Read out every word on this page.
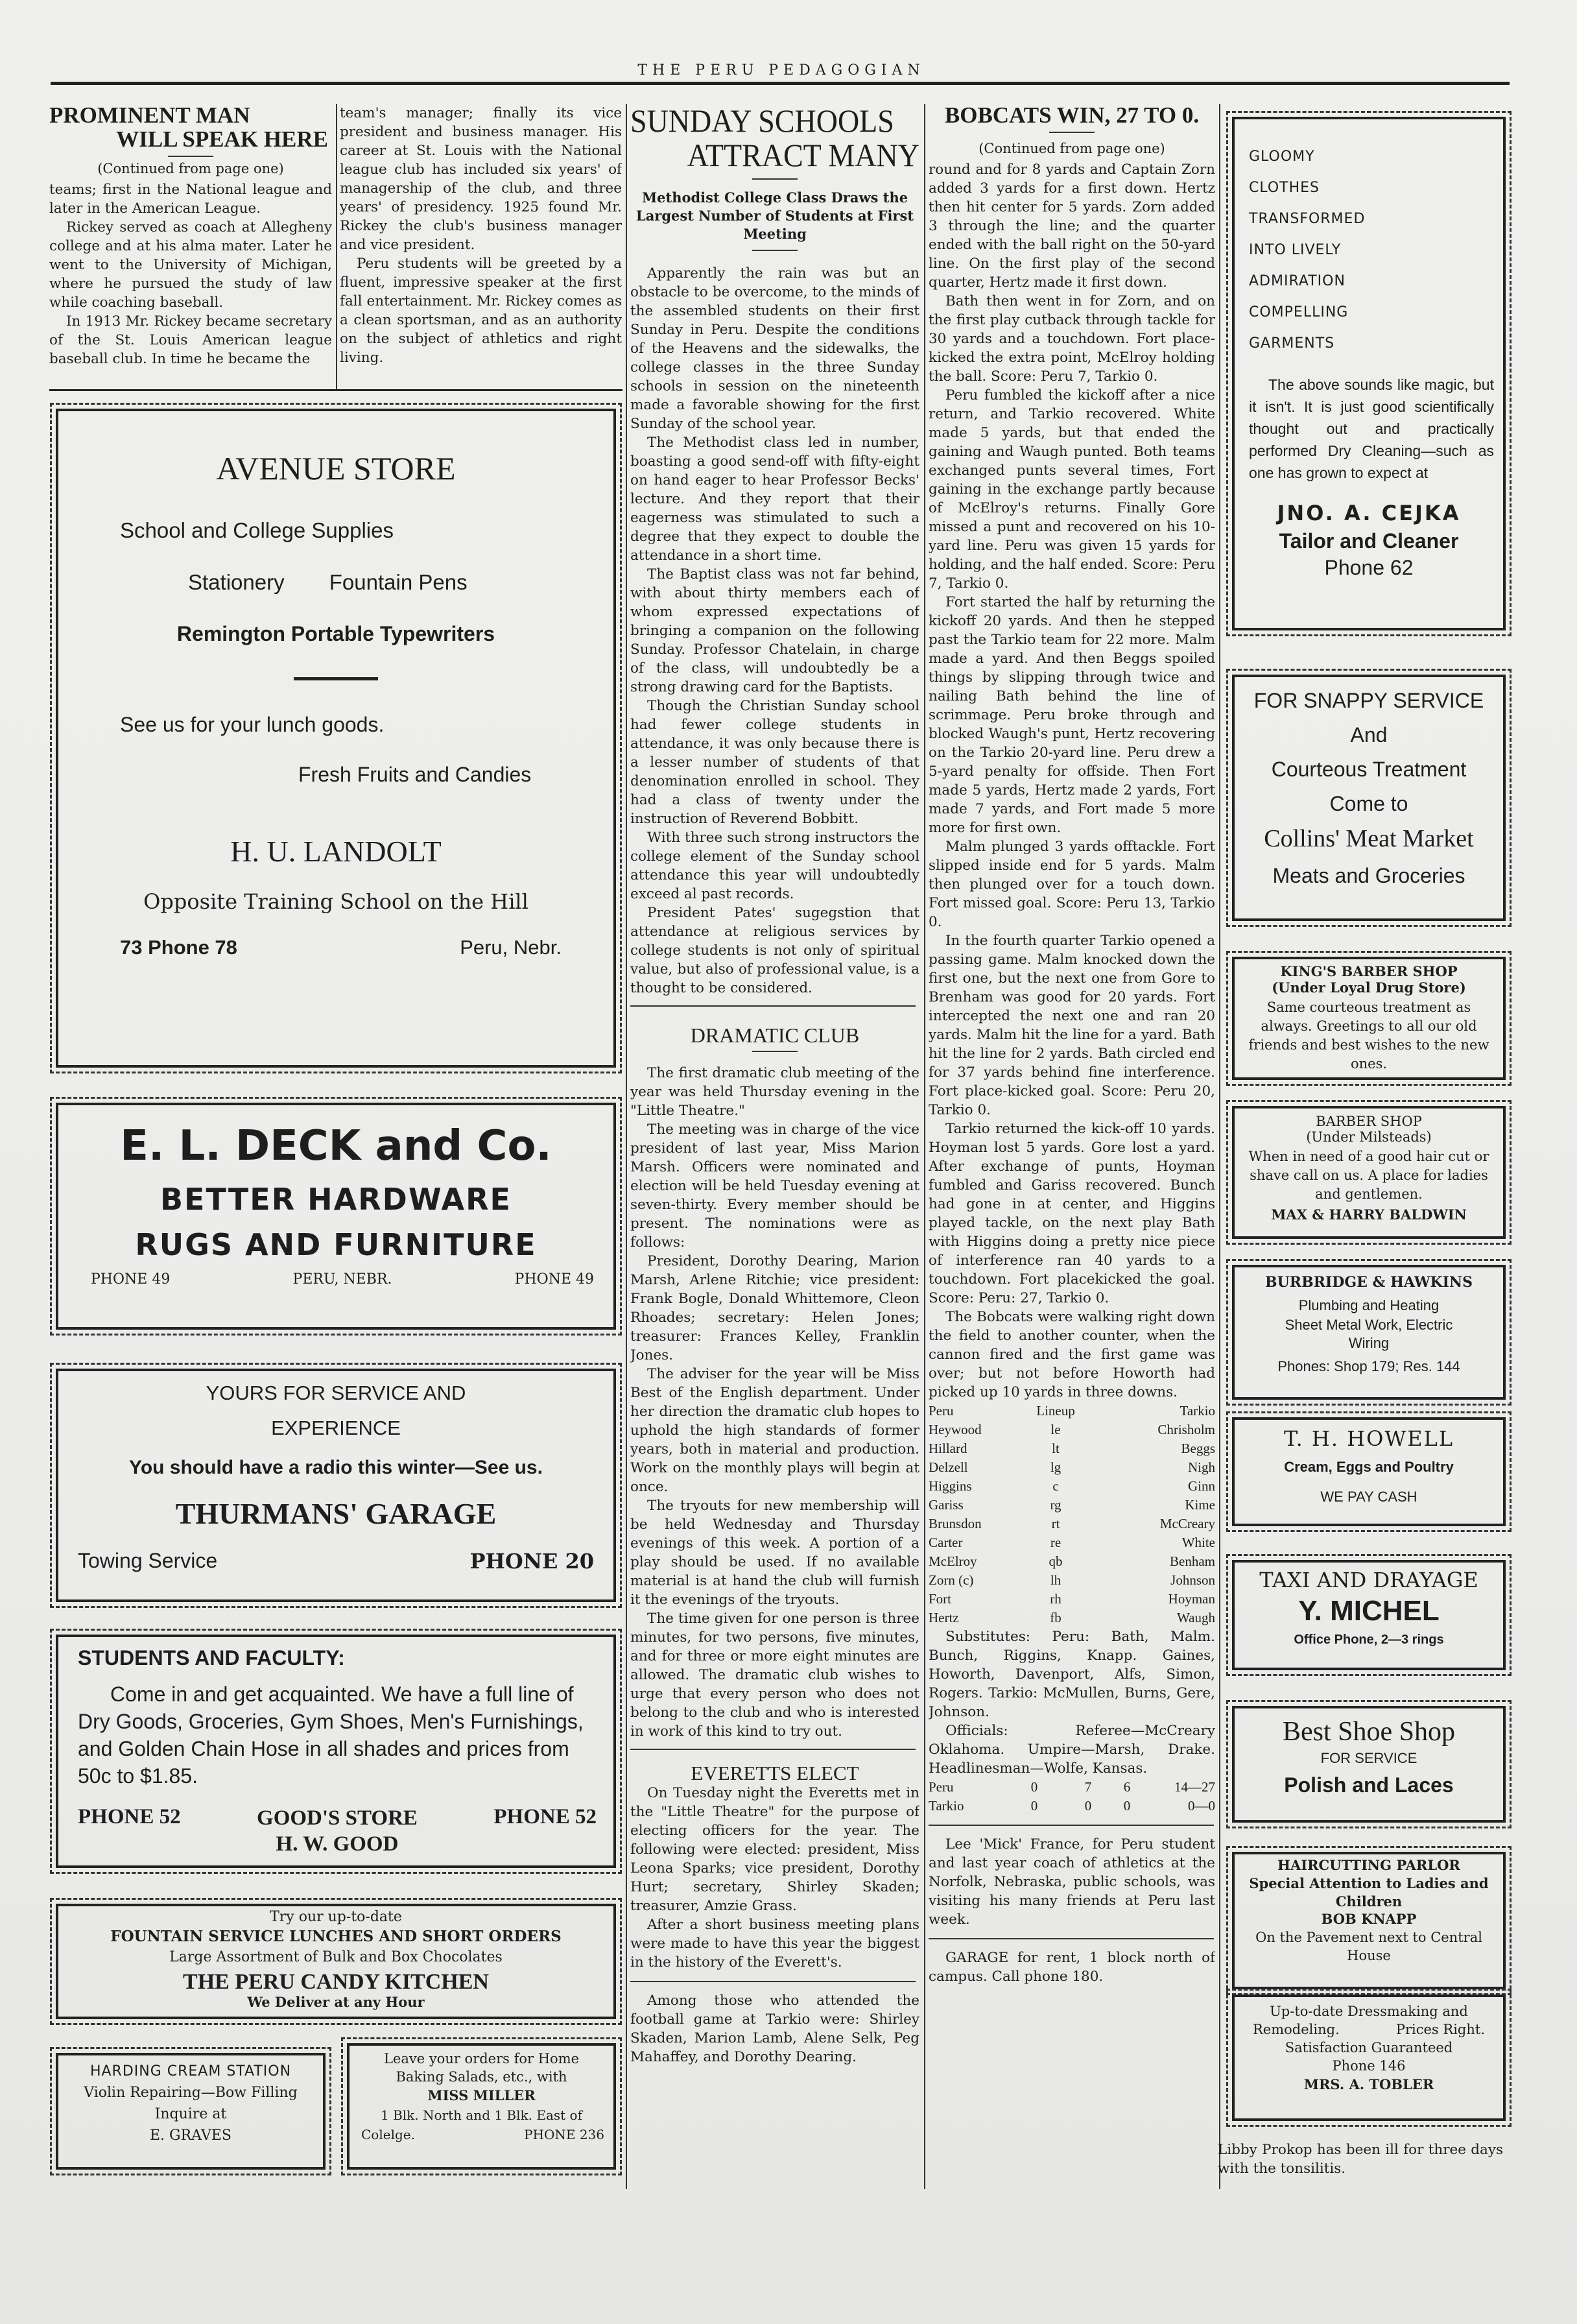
THE PERU PEDAGOGIAN
PROMINENT MAN
WILL SPEAK HERE
(Continued from page one)

teams; first in the National league and later in the American League.

Rickey served as coach at Allegheny college and at his alma mater. Later he went to the University of Michigan, where he pursued the study of law while coaching baseball.

In 1913 Mr. Rickey became secretary of the St. Louis American league baseball club. In time he became the

team's manager; finally its vice president and business manager. His career at St. Louis with the National league club has included six years' of managership of the club, and three years' of presidency. 1925 found Mr. Rickey the club's business manager and vice president.

Peru students will be greeted by a fluent, impressive speaker at the first fall entertainment. Mr. Rickey comes as a clean sportsman, and as an authority on the subject of athletics and right living.

AVENUE STORE
School and College Supplies
Stationery Fountain Pens
Remington Portable Typewriters
See us for your lunch goods.
Fresh Fruits and Candies
H. U. LANDOLT
Opposite Training School on the Hill
73 Phone 78	Peru, Nebr.
E. L. DECK and Co.
BETTER HARDWARE
RUGS AND FURNITURE
PHONE 49	PERU, NEBR.	PHONE 49
YOURS FOR SERVICE AND
EXPERIENCE
You should have a radio this winter—See us.
THURMANS' GARAGE
Towing Service	PHONE 20
STUDENTS AND FACULTY:
Come in and get acquainted. We have a full line of Dry Goods, Groceries, Gym Shoes, Men's Furnishings, and Golden Chain Hose in all shades and prices from 50c to $1.85.
PHONE 52	GOOD'S STORE
H. W. GOOD
PHONE 52
Try our up-to-date
FOUNTAIN SERVICE LUNCHES AND SHORT ORDERS
Large Assortment of Bulk and Box Chocolates
THE PERU CANDY KITCHEN
We Deliver at any Hour
HARDING CREAM STATION
Violin Repairing—Bow Filling
Inquire at
E. GRAVES
Leave your orders for Home
Baking Salads, etc., with
MISS MILLER
1 Blk. North and 1 Blk. East of
Colelge.	PHONE 236
SUNDAY SCHOOLS
ATTRACT MANY
Methodist College Class Draws the Largest Number of Students at First Meeting

Apparently the rain was but an obstacle to be overcome, to the minds of the assembled students on their first Sunday in Peru. Despite the conditions of the Heavens and the sidewalks, the college classes in the three Sunday schools in session on the nineteenth made a favorable showing for the first Sunday of the school year.

The Methodist class led in number, boasting a good send-off with fifty-eight on hand eager to hear Professor Becks' lecture. And they report that their eagerness was stimulated to such a degree that they expect to double the attendance in a short time.

The Baptist class was not far behind, with about thirty members each of whom expressed expectations of bringing a companion on the following Sunday. Professor Chatelain, in charge of the class, will undoubtedly be a strong drawing card for the Baptists.

Though the Christian Sunday school had fewer college students in attendance, it was only because there is a lesser number of students of that denomination enrolled in school. They had a class of twenty under the instruction of Reverend Bobbitt.

With three such strong instructors the college element of the Sunday school attendance this year will undoubtedly exceed al past records.

President Pates' sugegstion that attendance at religious services by college students is not only of spiritual value, but also of professional value, is a thought to be considered.

DRAMATIC CLUB

The first dramatic club meeting of the year was held Thursday evening in the "Little Theatre."

The meeting was in charge of the vice president of last year, Miss Marion Marsh. Officers were nominated and election will be held Tuesday evening at seven-thirty. Every member should be present. The nominations were as follows:

President, Dorothy Dearing, Marion Marsh, Arlene Ritchie; vice president: Frank Bogle, Donald Whittemore, Cleon Rhoades; secretary: Helen Jones; treasurer: Frances Kelley, Franklin Jones.

The adviser for the year will be Miss Best of the English department. Under her direction the dramatic club hopes to uphold the high standards of former years, both in material and production. Work on the monthly plays will begin at once.

The tryouts for new membership will be held Wednesday and Thursday evenings of this week. A portion of a play should be used. If no available material is at hand the club will furnish it the evenings of the tryouts.

The time given for one person is three minutes, for two persons, five minutes, and for three or more eight minutes are allowed. The dramatic club wishes to urge that every person who does not belong to the club and who is interested in work of this kind to try out.

EVERETTS ELECT

On Tuesday night the Everetts met in the "Little Theatre" for the purpose of electing officers for the year. The following were elected: president, Miss Leona Sparks; vice president, Dorothy Hurt; secretary, Shirley Skaden; treasurer, Amzie Grass.

After a short business meeting plans were made to have this year the biggest in the history of the Everett's.

Among those who attended the football game at Tarkio were: Shirley Skaden, Marion Lamb, Alene Selk, Peg Mahaffey, and Dorothy Dearing.

BOBCATS WIN, 27 TO 0.
(Continued from page one)

round and for 8 yards and Captain Zorn added 3 yards for a first down. Hertz then hit center for 5 yards. Zorn added 3 through the line; and the quarter ended with the ball right on the 50-yard line. On the first play of the second quarter, Hertz made it first down.

Bath then went in for Zorn, and on the first play cutback through tackle for 30 yards and a touchdown. Fort place-kicked the extra point, McElroy holding the ball. Score: Peru 7, Tarkio 0.

Peru fumbled the kickoff after a nice return, and Tarkio recovered. White made 5 yards, but that ended the gaining and Waugh punted. Both teams exchanged punts several times, Fort gaining in the exchange partly because of McElroy's returns. Finally Gore missed a punt and recovered on his 10-yard line. Peru was given 15 yards for holding, and the half ended. Score: Peru 7, Tarkio 0.

Fort started the half by returning the kickoff 20 yards. And then he stepped past the Tarkio team for 22 more. Malm made a yard. And then Beggs spoiled things by slipping through twice and nailing Bath behind the line of scrimmage. Peru broke through and blocked Waugh's punt, Hertz recovering on the Tarkio 20-yard line. Peru drew a 5-yard penalty for offside. Then Fort made 5 yards, Hertz made 2 yards, Fort made 7 yards, and Fort made 5 more more for first own.

Malm plunged 3 yards offtackle. Fort slipped inside end for 5 yards. Malm then plunged over for a touch down. Fort missed goal. Score: Peru 13, Tarkio 0.

In the fourth quarter Tarkio opened a passing game. Malm knocked down the first one, but the next one from Gore to Brenham was good for 20 yards. Fort intercepted the next one and ran 20 yards. Malm hit the line for a yard. Bath hit the line for 2 yards. Bath circled end for 37 yards behind fine interference. Fort place-kicked goal. Score: Peru 20, Tarkio 0.

Tarkio returned the kick-off 10 yards. Hoyman lost 5 yards. Gore lost a yard. After exchange of punts, Hoyman fumbled and Gariss recovered. Bunch had gone in at center, and Higgins played tackle, on the next play Bath with Higgins doing a pretty nice piece of interference ran 40 yards to a touchdown. Fort placekicked the goal. Score: Peru: 27, Tarkio 0.

The Bobcats were walking right down the field to another counter, when the cannon fired and the first game was over; but not before Howorth had picked up 10 yards in three downs.

Peru	Lineup	Tarkio
Heywood	le	Chrisholm
Hillard	lt	Beggs
Delzell	lg	Nigh
Higgins	c	Ginn
Gariss	rg	Kime
Brunsdon	rt	McCreary
Carter	re	White
McElroy	qb	Benham
Zorn (c)	lh	Johnson
Fort	rh	Hoyman
Hertz	fb	Waugh

Substitutes: Peru: Bath, Malm. Bunch, Riggins, Knapp. Gaines, Howorth, Davenport, Alfs, Simon, Rogers. Tarkio: McMullen, Burns, Gere, Johnson.

Officials: Referee—McCreary Oklahoma. Umpire—Marsh, Drake. Headlinesman—Wolfe, Kansas.

Peru	0	7	6	14—27
Tarkio	0	0	0	0—0

Lee 'Mick' France, for Peru student and last year coach of athletics at the Norfolk, Nebraska, public schools, was visiting his many friends at Peru last week.

GARAGE for rent, 1 block north of campus. Call phone 180.

GLOOMY
CLOTHES
TRANSFORMED
INTO LIVELY
ADMIRATION
COMPELLING
GARMENTS
The above sounds like magic, but it isn't. It is just good scientifically thought out and practically performed Dry Cleaning—such as one has grown to expect at
JNO. A. CEJKA
Tailor and Cleaner
Phone 62
FOR SNAPPY SERVICE
And
Courteous Treatment
Come to
Collins' Meat Market
Meats and Groceries
KING'S BARBER SHOP
(Under Loyal Drug Store)
Same courteous treatment as always. Greetings to all our old friends and best wishes to the new ones.
BARBER SHOP
(Under Milsteads)
When in need of a good hair cut or shave call on us. A place for ladies and gentlemen.
MAX & HARRY BALDWIN
BURBRIDGE & HAWKINS
Plumbing and Heating
Sheet Metal Work, Electric
Wiring
Phones: Shop 179; Res. 144
T. H. HOWELL
Cream, Eggs and Poultry
WE PAY CASH
TAXI AND DRAYAGE
Y. MICHEL
Office Phone, 2—3 rings
Best Shoe Shop
FOR SERVICE
Polish and Laces
HAIRCUTTING PARLOR
Special Attention to Ladies and Children
BOB KNAPP
On the Pavement next to Central House
Up-to-date Dressmaking and
Remodeling.	Prices Right.
Satisfaction Guaranteed
Phone 146
MRS. A. TOBLER

Libby Prokop has been ill for three days with the tonsilitis.
